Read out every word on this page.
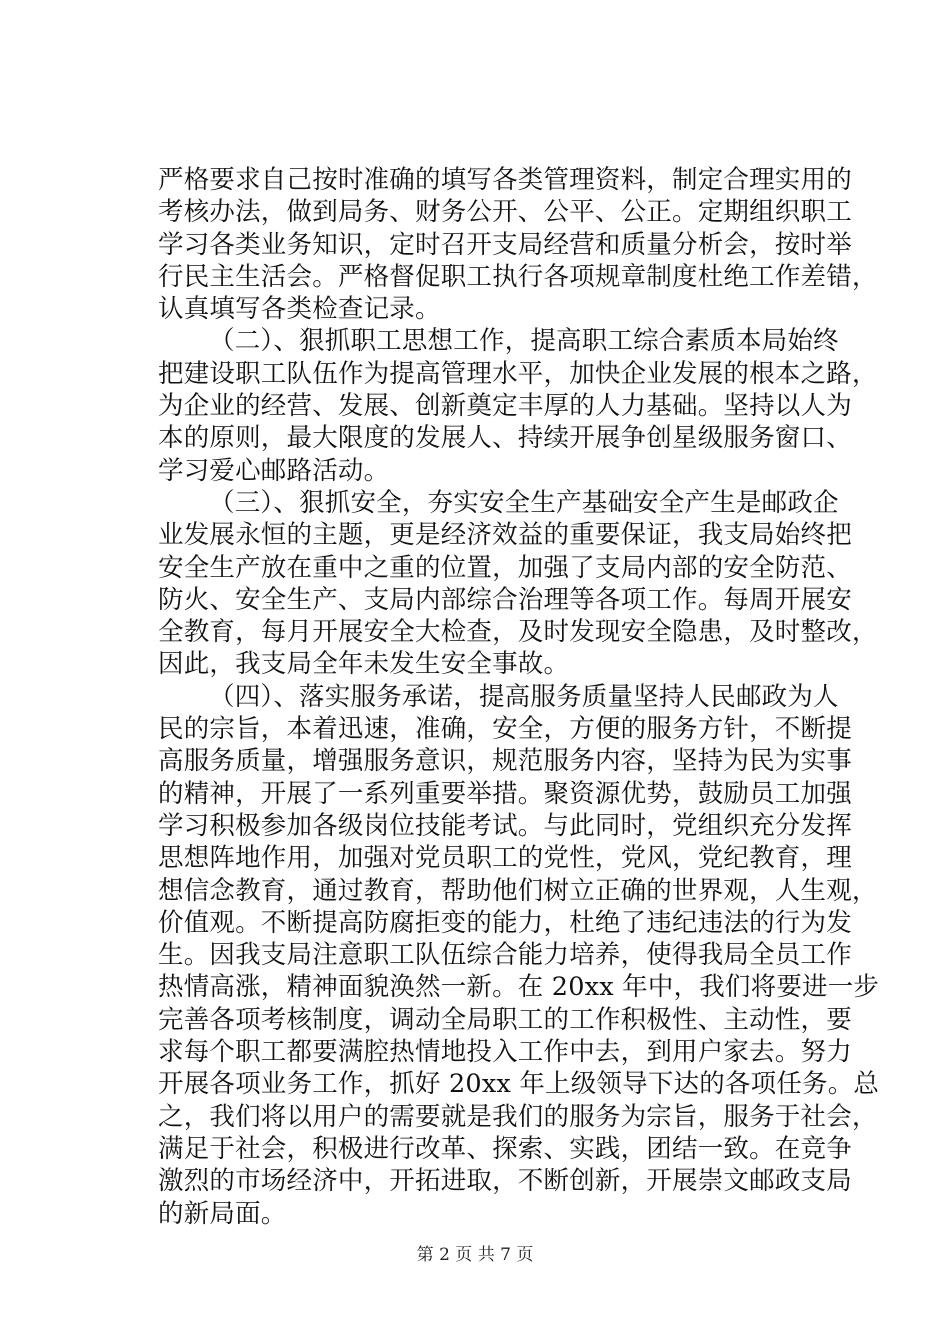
严格要求自己按时准确的填写各类管理资料，制定合理实用的
考核办法，做到局务、财务公开、公平、公正。定期组织职工
学习各类业务知识，定时召开支局经营和质量分析会，按时举
行民主生活会。严格督促职工执行各项规章制度杜绝工作差错，
认真填写各类检查记录。
（二）、狠抓职工思想工作，提高职工综合素质本局始终
把建设职工队伍作为提高管理水平，加快企业发展的根本之路，
为企业的经营、发展、创新奠定丰厚的人力基础。坚持以人为
本的原则，最大限度的发展人、持续开展争创星级服务窗口、
学习爱心邮路活动。
（三）、狠抓安全，夯实安全生产基础安全产生是邮政企
业发展永恒的主题，更是经济效益的重要保证，我支局始终把
安全生产放在重中之重的位置，加强了支局内部的安全防范、
防火、安全生产、支局内部综合治理等各项工作。每周开展安
全教育，每月开展安全大检查，及时发现安全隐患，及时整改，
因此，我支局全年未发生安全事故。
（四）、落实服务承诺，提高服务质量坚持人民邮政为人
民的宗旨，本着迅速，准确，安全，方便的服务方针，不断提
高服务质量，增强服务意识，规范服务内容，坚持为民为实事
的精神，开展了一系列重要举措。聚资源优势，鼓励员工加强
学习积极参加各级岗位技能考试。与此同时，党组织充分发挥
思想阵地作用，加强对党员职工的党性，党风，党纪教育，理
想信念教育，通过教育，帮助他们树立正确的世界观，人生观，
价值观。不断提高防腐拒变的能力，杜绝了违纪违法的行为发
生。因我支局注意职工队伍综合能力培养，使得我局全员工作
热情高涨，精神面貌涣然一新。在 20xx 年中，我们将要进一步
完善各项考核制度，调动全局职工的工作积极性、主动性，要
求每个职工都要满腔热情地投入工作中去，到用户家去。努力
开展各项业务工作，抓好 20xx 年上级领导下达的各项任务。总
之，我们将以用户的需要就是我们的服务为宗旨，服务于社会，
满足于社会，积极进行改革、探索、实践，团结一致。在竞争
激烈的市场经济中，开拓进取，不断创新，开展崇文邮政支局
的新局面。
第 2 页 共 7 页
